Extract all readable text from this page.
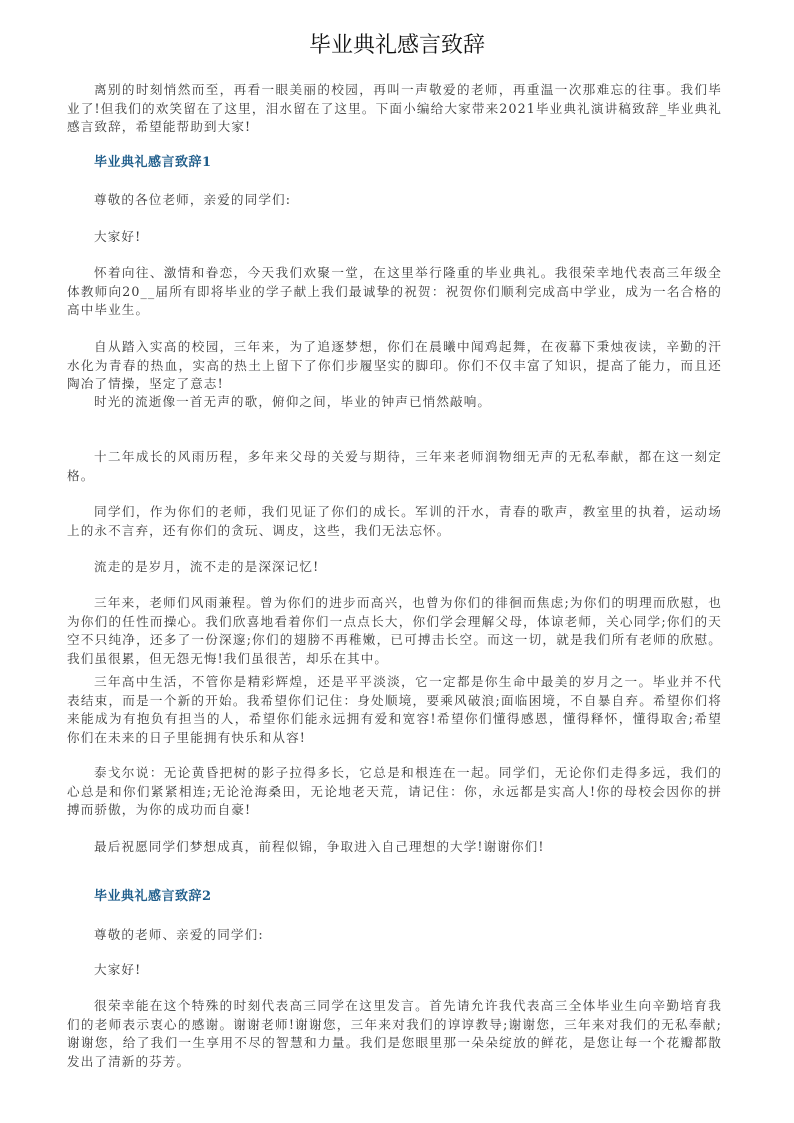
毕业典礼感言致辞

离别的时刻悄然而至，再看一眼美丽的校园，再叫一声敬爱的老师，再重温一次那难忘的往事。我们毕业了!但我们的欢笑留在了这里，泪水留在了这里。下面小编给大家带来2021毕业典礼演讲稿致辞_毕业典礼感言致辞，希望能帮助到大家!

毕业典礼感言致辞1

尊敬的各位老师，亲爱的同学们:

大家好!

怀着向往、激情和眷恋，今天我们欢聚一堂，在这里举行隆重的毕业典礼。我很荣幸地代表高三年级全体教师向20__届所有即将毕业的学子献上我们最诚挚的祝贺：祝贺你们顺利完成高中学业，成为一名合格的高中毕业生。

自从踏入实高的校园，三年来，为了追逐梦想，你们在晨曦中闻鸡起舞，在夜幕下秉烛夜读，辛勤的汗水化为青春的热血，实高的热土上留下了你们步履坚实的脚印。你们不仅丰富了知识，提高了能力，而且还陶冶了情操，坚定了意志!

时光的流逝像一首无声的歌，俯仰之间，毕业的钟声已悄然敲响。

十二年成长的风雨历程，多年来父母的关爱与期待，三年来老师润物细无声的无私奉献，都在这一刻定格。

同学们，作为你们的老师，我们见证了你们的成长。军训的汗水，青春的歌声，教室里的执着，运动场上的永不言弃，还有你们的贪玩、调皮，这些，我们无法忘怀。

流走的是岁月，流不走的是深深记忆!

三年来，老师们风雨兼程。曾为你们的进步而高兴，也曾为你们的徘徊而焦虑;为你们的明理而欣慰，也为你们的任性而操心。我们欣喜地看着你们一点点长大，你们学会理解父母，体谅老师，关心同学;你们的天空不只纯净，还多了一份深邃;你们的翅膀不再稚嫩，已可搏击长空。而这一切，就是我们所有老师的欣慰。我们虽很累，但无怨无悔!我们虽很苦，却乐在其中。

三年高中生活，不管你是精彩辉煌，还是平平淡淡，它一定都是你生命中最美的岁月之一。毕业并不代表结束，而是一个新的开始。我希望你们记住：身处顺境，要乘风破浪;面临困境，不自暴自弃。希望你们将来能成为有抱负有担当的人，希望你们能永远拥有爱和宽容!希望你们懂得感恩，懂得释怀，懂得取舍;希望你们在未来的日子里能拥有快乐和从容!

泰戈尔说：无论黄昏把树的影子拉得多长，它总是和根连在一起。同学们，无论你们走得多远，我们的心总是和你们紧紧相连;无论沧海桑田，无论地老天荒，请记住：你，永远都是实高人!你的母校会因你的拼搏而骄傲，为你的成功而自豪!

最后祝愿同学们梦想成真，前程似锦，争取进入自己理想的大学!谢谢你们!

毕业典礼感言致辞2

尊敬的老师、亲爱的同学们:

大家好!

很荣幸能在这个特殊的时刻代表高三同学在这里发言。首先请允许我代表高三全体毕业生向辛勤培育我们的老师表示衷心的感谢。谢谢老师!谢谢您，三年来对我们的谆谆教导;谢谢您，三年来对我们的无私奉献;谢谢您，给了我们一生享用不尽的智慧和力量。我们是您眼里那一朵朵绽放的鲜花，是您让每一个花瓣都散发出了清新的芬芳。
